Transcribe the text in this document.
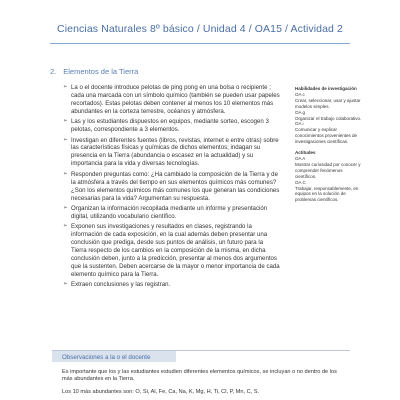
Ciencias Naturales 8º básico / Unidad 4 / OA15 / Actividad 2
2. Elementos de la Tierra
➢ La o el docente introduce pelotas de ping pong en una bolsa o recipiente ; cada una marcada con un símbolo químico (también se pueden usar papeles recortados). Estas pelotas deben contener al menos los 10 elementos más abundantes en la corteza terrestre, océanos y atmósfera.
➢ Las y los estudiantes dispuestos en equipos, mediante sorteo, escogen 3 pelotas, correspondiente a 3 elementos.
➢ Investigan en diferentes fuentes (libros, revistas, internet e entre otras) sobre las características físicas y químicas de dichos elementos; indagan su presencia en la Tierra (abundancia o escasez en la actualidad) y su importancia para la vida y diversas tecnologías.
➢ Responden preguntas como: ¿Ha cambiado la composición de la Tierra y de la atmósfera a través del tiempo en sus elementos químicos más comunes? ¿Son los elementos químicos más comunes los que generan las condiciones necesarias para la vida? Argumentan su respuesta.
➢ Organizan la información recopilada mediante un informe y presentación digital, utilizando vocabulario científico.
➢ Exponen sus investigaciones y resultados en clases, registrando la información de cada exposición, en la cual además deben presentar una conclusión que prediga, desde sus puntos de análisis, un futuro para la Tierra respecto de los cambios en la composición de la misma, en dicha conclusión deben, junto a la predicción, presentar al menos dos argumentos que la sustenten. Deben acercarse de la mayor o menor importancia de cada elemento químico para la Tierra.
➢ Extraen conclusiones y las registran.
Habilidades de investigación
OA c
Crear, seleccionar, usar y ajustar modelos simples.
OA g
Organizar el trabajo colaborativo.
OA i
Comunicar y explicar conocimientos provenientes de investigaciones científicas.
Actitudes
OA A
Mostrar curiosidad por conocer y comprender fenómenos científicos.
OA C
Trabajar, responsablemente, en equipos en la solución de problemas científicos.
Observaciones a la o el docente
Es importante que los y las estudiantes estudien diferentes elementos químicos, se incluyan o no dentro de los más abundantes en la Tierra.
Los 10 más abundantes son: O, Si, Al, Fe, Ca, Na, K, Mg, H, Ti, Cl, P, Mn, C, S.
